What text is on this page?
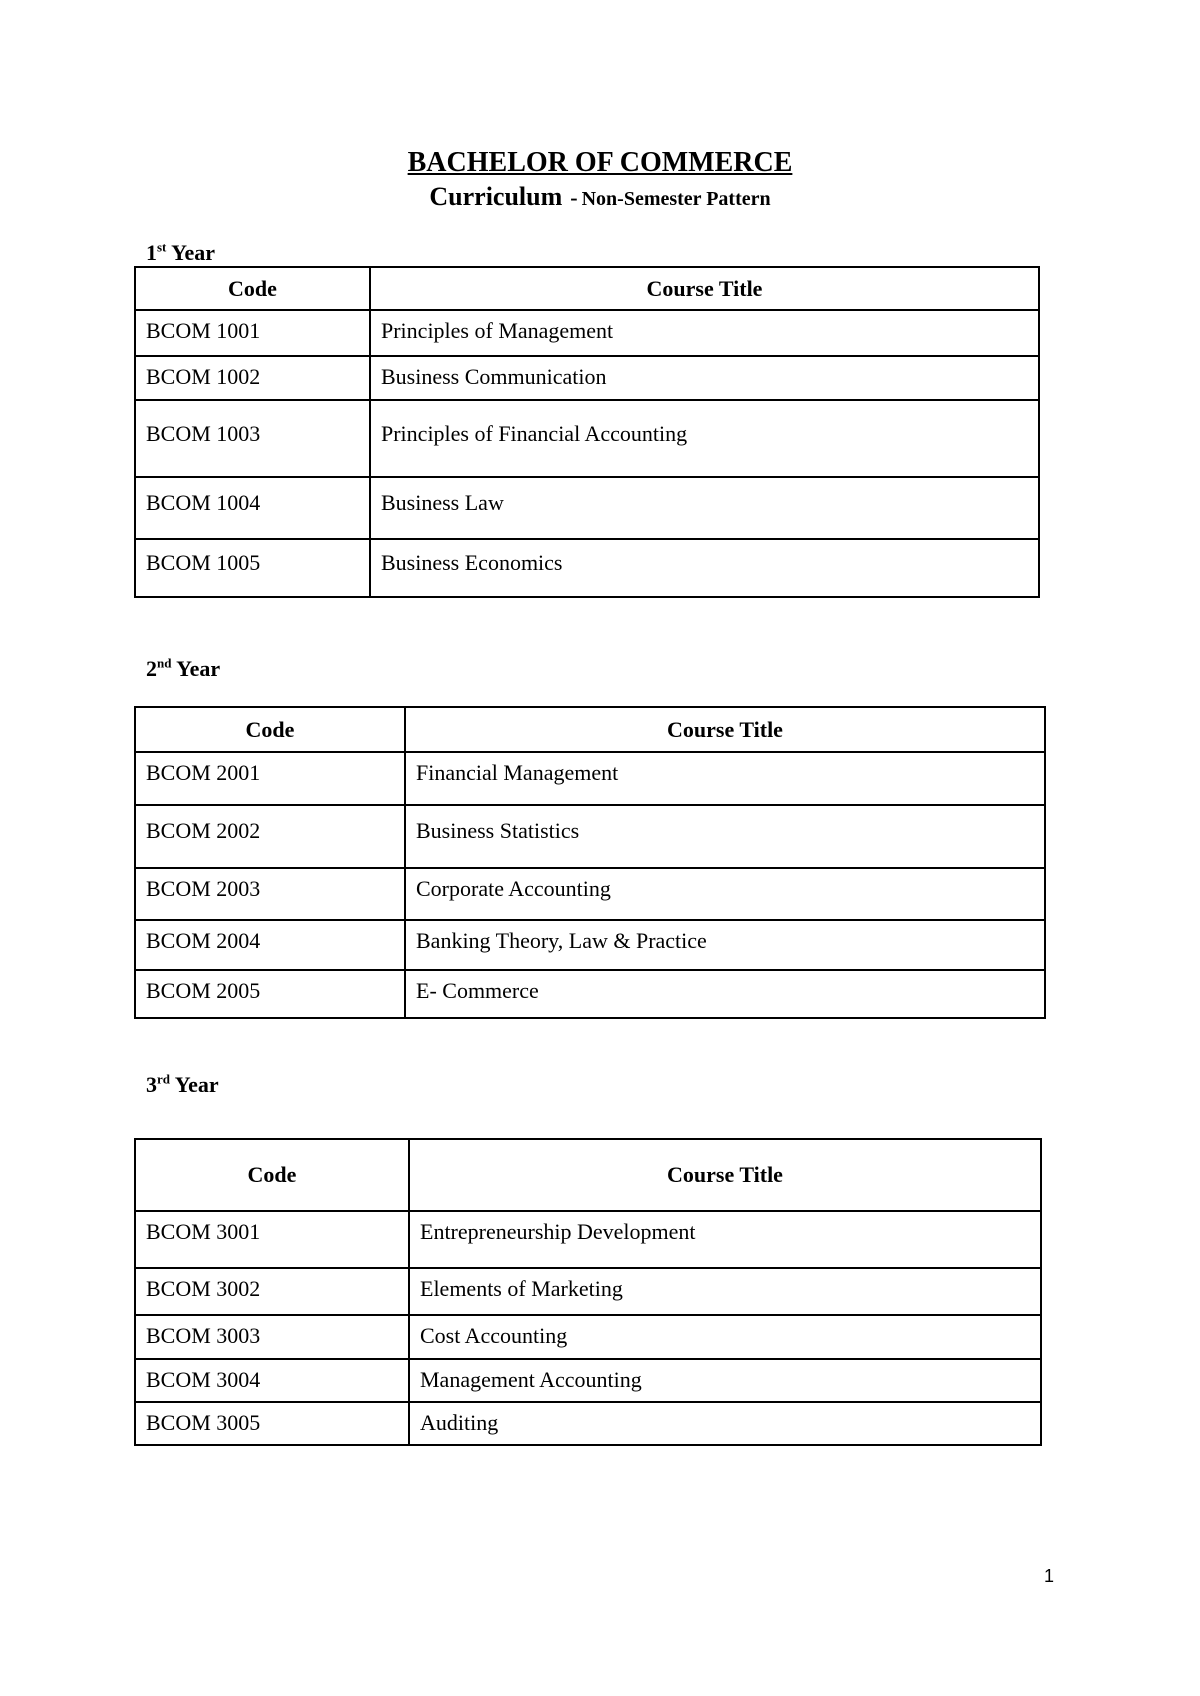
BACHELOR OF COMMERCE
Curriculum - Non-Semester Pattern

1st Year

Code	Course Title
BCOM 1001	Principles of Management
BCOM 1002	Business Communication
BCOM 1003	Principles of Financial Accounting
BCOM 1004	Business Law
BCOM 1005	Business Economics

2nd Year

Code	Course Title
BCOM 2001	Financial Management
BCOM 2002	Business Statistics
BCOM 2003	Corporate Accounting
BCOM 2004	Banking Theory, Law & Practice
BCOM 2005	E- Commerce

3rd Year

Code	Course Title
BCOM 3001	Entrepreneurship Development
BCOM 3002	Elements of Marketing
BCOM 3003	Cost Accounting
BCOM 3004	Management Accounting
BCOM 3005	Auditing
1
